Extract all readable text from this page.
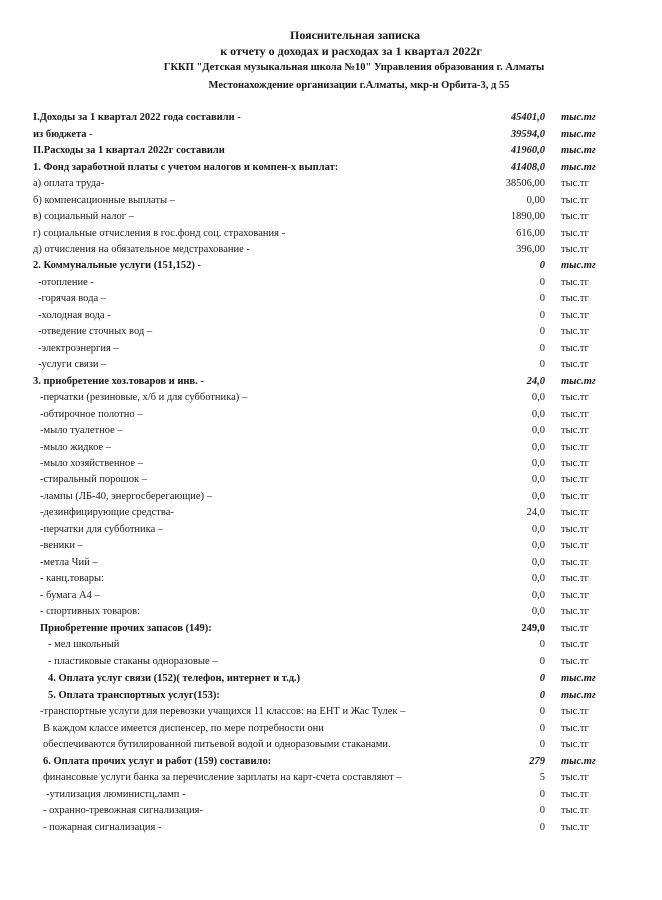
Пояснительная записка
к отчету о доходах и расходах за 1 квартал 2022г
ГККП "Детская музыкальная школа №10" Управления образования г. Алматы
Местонахождение организации г.Алматы, мкр-н Орбита-3, д 55
I.Доходы за 1 квартал 2022 года составили -	45401,0 тыс.тг
из бюджета -	39594,0 тыс.тг
II.Расходы за 1 квартал 2022г составили	41960,0 тыс.тг
1. Фонд заработной платы с учетом налогов и компен-х выплат:	41408,0 тыс.тг
а) оплата труда-	38506,00 тыс.тг
б) компенсационные выплаты –	0,00 тыс.тг
в) социальный налог –	1890,00 тыс.тг
г) социальные отчисления в гос.фонд соц. страхования -	616,00 тыс.тг
д) отчисления на обязательное медстрахование -	396,00 тыс.тг
2. Коммунальные услуги (151,152) -	0 тыс.тг
-отопление -	0 тыс.тг
-горячая вода –	0 тыс.тг
-холодная вода -	0 тыс.тг
-отведение сточных вод –	0 тыс.тг
-электроэнергия –	0 тыс.тг
-услуги связи –	0 тыс.тг
3. приобретение хоз.товаров и инв. -	24,0 тыс.тг
-перчатки (резиновые, х/б и для субботника) –	0,0 тыс.тг
-обтирочное полотно –	0,0 тыс.тг
-мыло туалетное –	0,0 тыс.тг
-мыло жидкое –	0,0 тыс.тг
-мыло хозяйственное –	0,0 тыс.тг
-стиральный порошок –	0,0 тыс.тг
-лампы (ЛБ-40, энергосберегающие) –	0,0 тыс.тг
-дезинфицирующие средства-	24,0 тыс.тг
-перчатки для субботника –	0,0 тыс.тг
-веники –	0,0 тыс.тг
-метла Чий –	0,0 тыс.тг
- канц.товары:	0,0 тыс.тг
- бумага А4 –	0,0 тыс.тг
- спортивных товаров:	0,0 тыс.тг
Приобретение прочих запасов (149):	249,0 тыс.тг
- мел школьный	0 тыс.тг
- пластиковые стаканы одноразовые –	0 тыс.тг
4. Оплата услуг связи (152)( телефон, интернет и т.д.)	0 тыс.тг
5. Оплата транспортных услуг(153):	0 тыс.тг
-транспортные услуги для перевозки учащихся 11 классов: на ЕНТ и Жас Тулек –	0 тыс.тг
В каждом классе имеется диспенсер, по мере потребности они	0 тыс.тг
обеспечиваются бутилированной питьевой водой и одноразовыми стаканами.	0 тыс.тг
6. Оплата прочих услуг и работ (159) составило:	279 тыс.тг
финансовые услуги банка за перечисление зарплаты на карт-счета составляют –	5 тыс.тг
-утилизация люминистц.ламп -	0 тыс.тг
- охранно-тревожная сигнализация-	0 тыс.тг
- пожарная сигнализация -	0 тыс.тг
